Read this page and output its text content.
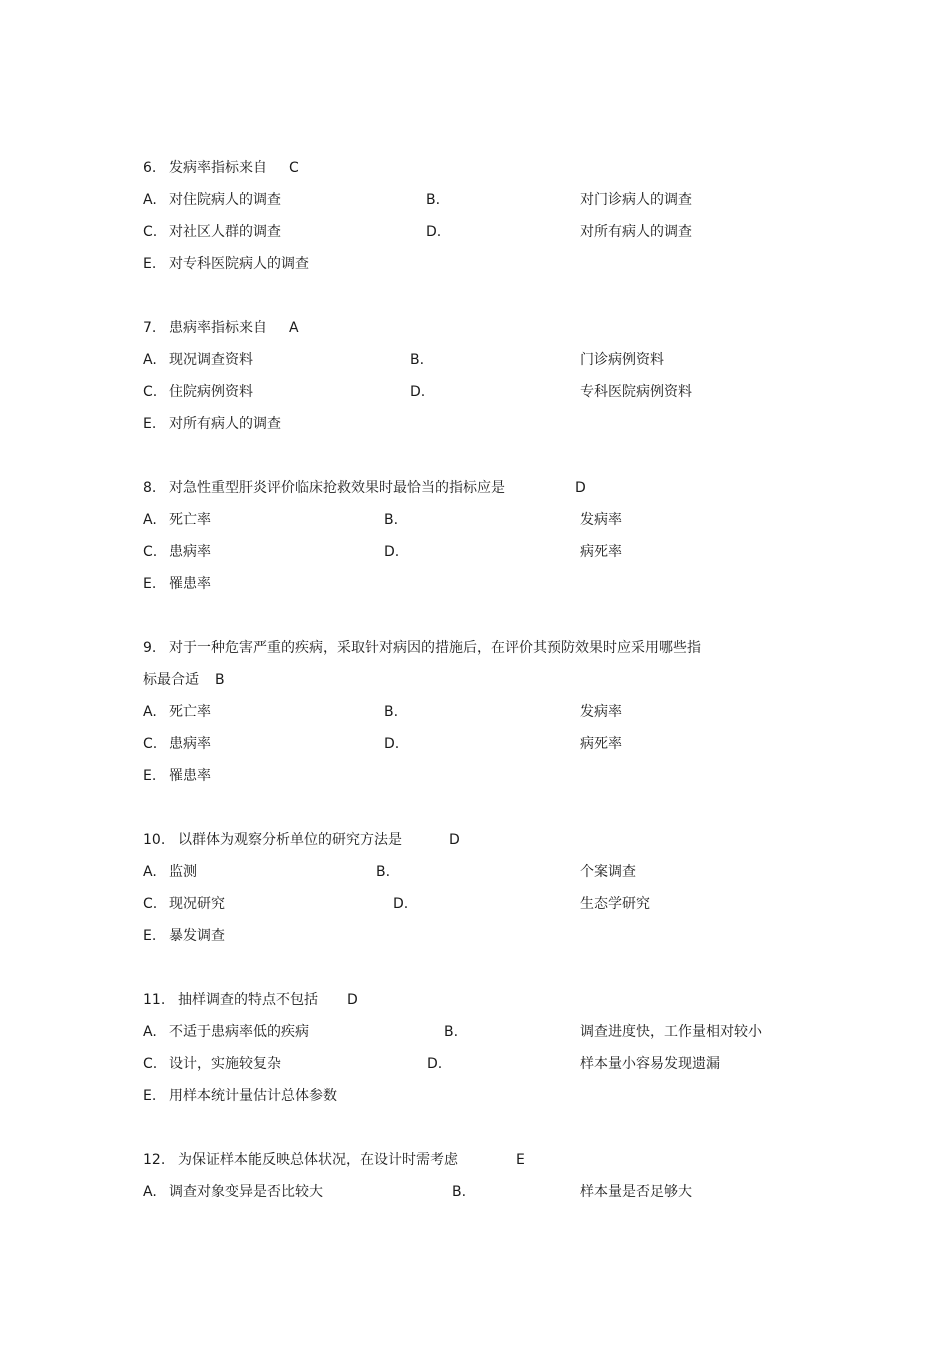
6. 发病率指标来自 C
A. 对住院病人的调查	B.	对门诊病人的调查
C. 对社区人群的调查	D.	对所有病人的调查
E. 对专科医院病人的调查
7. 患病率指标来自 A
A. 现况调查资料	B.	门诊病例资料
C. 住院病例资料	D.	专科医院病例资料
E. 对所有病人的调查
8. 对急性重型肝炎评价临床抢救效果时最恰当的指标应是	D
A. 死亡率	B.	发病率
C. 患病率	D.	病死率
E. 罹患率
9. 对于一种危害严重的疾病，采取针对病因的措施后，在评价其预防效果时应采用哪些指
标最合适 B
A. 死亡率	B.	发病率
C. 患病率	D.	病死率
E. 罹患率
10. 以群体为观察分析单位的研究方法是	D
A. 监测	B.	个案调查
C. 现况研究	D.	生态学研究
E. 暴发调查
11. 抽样调查的特点不包括 D
A. 不适于患病率低的疾病	B.	调查进度快，工作量相对较小
C. 设计，实施较复杂	D.	样本量小容易发现遗漏
E. 用样本统计量估计总体参数
12. 为保证样本能反映总体状况，在设计时需考虑	E
A. 调查对象变异是否比较大	B.	样本量是否足够大
